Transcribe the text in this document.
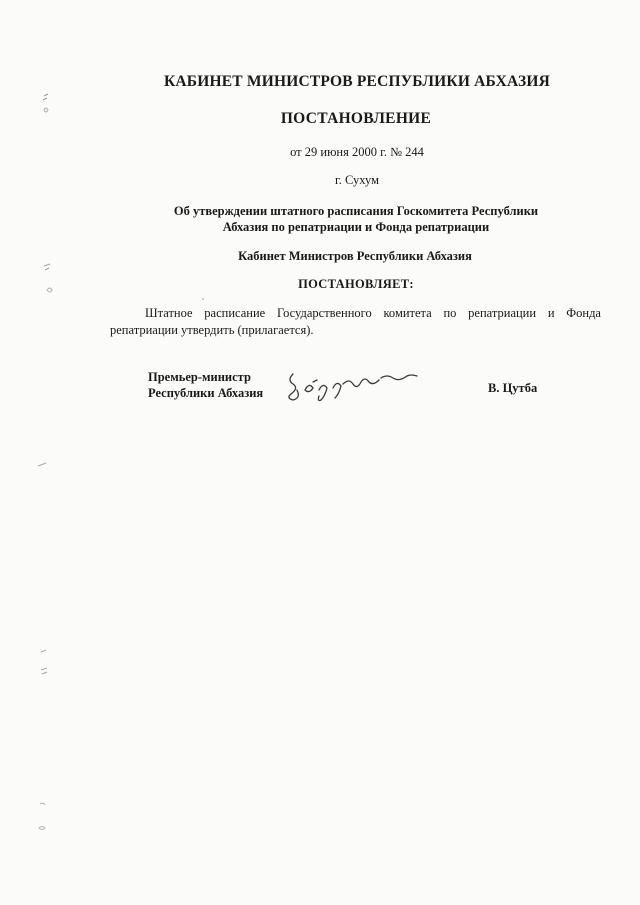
КАБИНЕТ МИНИСТРОВ РЕСПУБЛИКИ АБХАЗИЯ
ПОСТАНОВЛЕНИЕ
от 29 июня 2000 г. № 244
г. Сухум
Об утверждении штатного расписания Госкомитета Республики
Абхазия по репатриации и Фонда репатриации
Кабинет Министров Республики Абхазия
ПОСТАНОВЛЯЕТ:
Штатное расписание Государственного комитета по репатриации и Фонда
репатриации утвердить (прилагается).
Премьер-министр
Республики Абхазия	В. Цутба
